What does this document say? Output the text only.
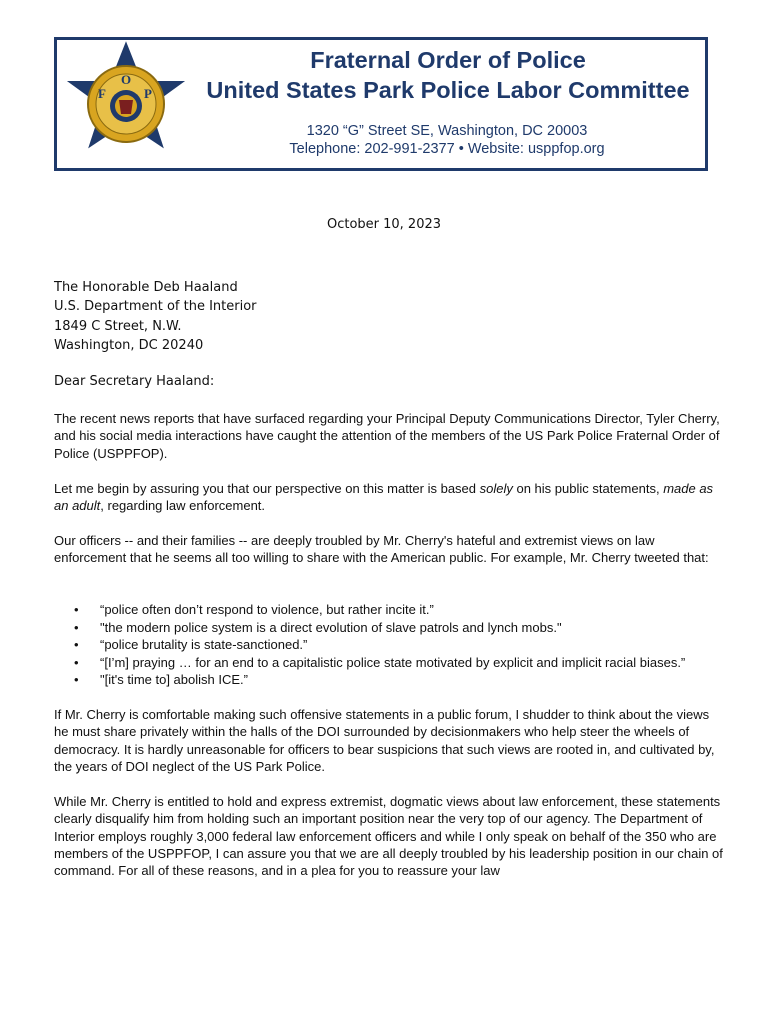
F
O
P
Fraternal Order of Police
United States Park Police Labor Committee
1320 “G” Street SE, Washington, DC 20003
Telephone: 202-991-2377 • Website: usppfop.org
October 10, 2023
The Honorable Deb Haaland
U.S. Department of the Interior
1849 C Street, N.W.
Washington, DC 20240
Dear Secretary Haaland:
The recent news reports that have surfaced regarding your Principal Deputy Communications Director, Tyler Cherry, and his social media interactions have caught the attention of the members of the US Park Police Fraternal Order of Police (USPPFOP).
Let me begin by assuring you that our perspective on this matter is based solely on his public statements, made as an adult, regarding law enforcement.
Our officers -- and their families -- are deeply troubled by Mr. Cherry's hateful and extremist views on law enforcement that he seems all too willing to share with the American public. For example, Mr. Cherry tweeted that:
• “police often don’t respond to violence, but rather incite it.”
• "the modern police system is a direct evolution of slave patrols and lynch mobs."
• “police brutality is state-sanctioned.”
• “[I’m] praying … for an end to a capitalistic police state motivated by explicit and implicit racial biases.”
• "[it's time to] abolish ICE.”
If Mr. Cherry is comfortable making such offensive statements in a public forum, I shudder to think about the views he must share privately within the halls of the DOI surrounded by decisionmakers who help steer the wheels of democracy. It is hardly unreasonable for officers to bear suspicions that such views are rooted in, and cultivated by, the years of DOI neglect of the US Park Police.
While Mr. Cherry is entitled to hold and express extremist, dogmatic views about law enforcement, these statements clearly disqualify him from holding such an important position near the very top of our agency. The Department of Interior employs roughly 3,000 federal law enforcement officers and while I only speak on behalf of the 350 who are members of the USPPFOP, I can assure you that we are all deeply troubled by his leadership position in our chain of command. For all of these reasons, and in a plea for you to reassure your law
